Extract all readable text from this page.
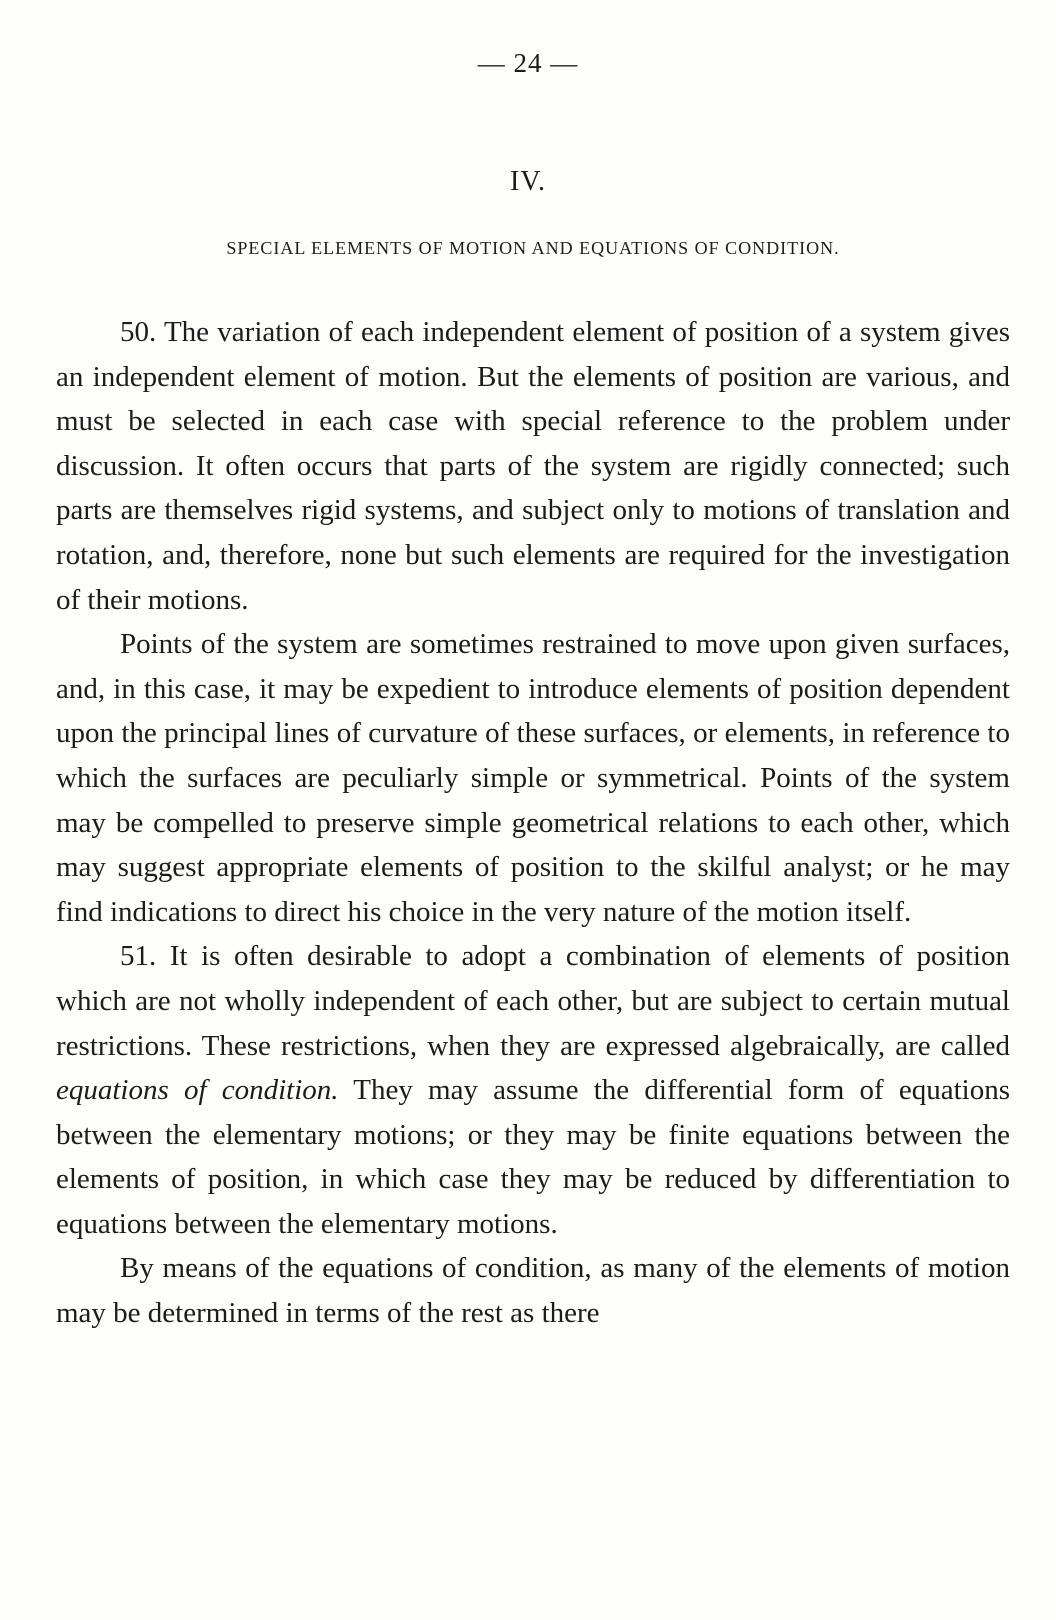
— 24 —
IV.
SPECIAL ELEMENTS OF MOTION AND EQUATIONS OF CONDITION.

50. The variation of each independent element of position of a system gives an independent element of motion. But the elements of position are various, and must be selected in each case with special reference to the problem under discussion. It often occurs that parts of the system are rigidly connected; such parts are themselves rigid systems, and subject only to motions of translation and rotation, and, therefore, none but such elements are required for the investigation of their motions.

Points of the system are sometimes restrained to move upon given surfaces, and, in this case, it may be expedient to introduce elements of position dependent upon the principal lines of curvature of these surfaces, or elements, in reference to which the surfaces are peculiarly simple or symmetrical. Points of the system may be compelled to preserve simple geometrical relations to each other, which may suggest appropriate elements of position to the skilful analyst; or he may find indications to direct his choice in the very nature of the motion itself.

51. It is often desirable to adopt a combination of elements of position which are not wholly independent of each other, but are subject to certain mutual restrictions. These restrictions, when they are expressed algebraically, are called equations of condition. They may assume the differential form of equations between the elementary motions; or they may be finite equations between the elements of position, in which case they may be reduced by differentiation to equations between the elementary motions.

By means of the equations of condition, as many of the elements of motion may be determined in terms of the rest as there
